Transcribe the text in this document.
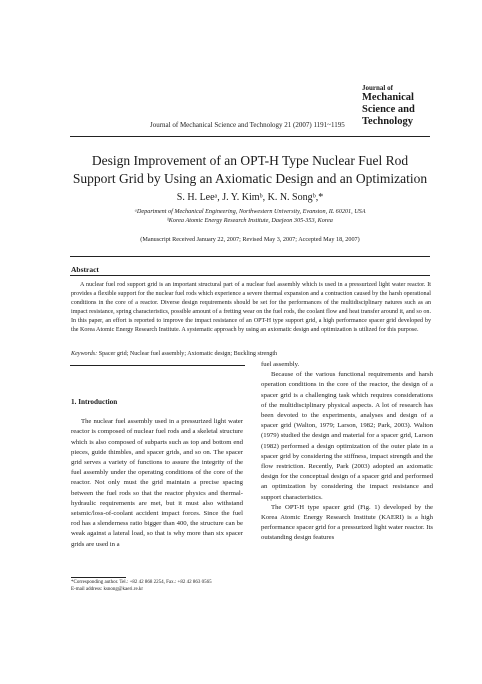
Journal of
Mechanical
Science and
Technology
Journal of Mechanical Science and Technology 21 (2007) 1191~1195
Design Improvement of an OPT-H Type Nuclear Fuel Rod
Support Grid by Using an Axiomatic Design and an Optimization
S. H. Leeᵃ, J. Y. Kimᵇ, K. N. Songᵇ,*
ᵃDepartment of Mechanical Engineering, Northwestern University, Evanston, IL 60201, USA
ᵇKorea Atomic Energy Research Institute, Daejeon 305-353, Korea
(Manuscript Received January 22, 2007; Revised May 3, 2007; Accepted May 18, 2007)
Abstract
A nuclear fuel rod support grid is an important structural part of a nuclear fuel assembly which is used in a pressurized light water reactor. It provides a flexible support for the nuclear fuel rods which experience a severe thermal expansion and a contraction caused by the harsh operational conditions in the core of a reactor. Diverse design requirements should be set for the performances of the multidisciplinary natures such as an impact resistance, spring characteristics, possible amount of a fretting wear on the fuel rods, the coolant flow and heat transfer around it, and so on. In this paper, an effort is reported to improve the impact resistance of an OPT-H type support grid, a high performance spacer grid developed by the Korea Atomic Energy Research Institute. A systematic approach by using an axiomatic design and optimization is utilized for this purpose.
Keywords: Spacer grid; Nuclear fuel assembly; Axiomatic design; Buckling strength

1. Introduction

The nuclear fuel assembly used in a pressurized light water reactor is composed of nuclear fuel rods and a skeletal structure which is also composed of subparts such as top and bottom end pieces, guide thimbles, and spacer grids, and so on. The spacer grid serves a variety of functions to assure the integrity of the fuel assembly under the operating conditions of the core of the reactor. Not only must the grid maintain a precise spacing between the fuel rods so that the reactor physics and thermal-hydraulic requirements are met, but it must also withstand seismic/loss-of-coolant accident impact forces. Since the fuel rod has a slenderness ratio bigger than 400, the structure can be weak against a lateral load, so that is why more than six spacer grids are used in a

fuel assembly.

Because of the various functional requirements and harsh operation conditions in the core of the reactor, the design of a spacer grid is a challenging task which requires considerations of the multidisciplinary physical aspects. A lot of research has been devoted to the experiments, analyses and design of a spacer grid (Walton, 1979; Larson, 1982; Park, 2003). Walton (1979) studied the design and material for a spacer grid, Larson (1982) performed a design optimization of the outer plate in a spacer grid by considering the stiffness, impact strength and the flow restriction. Recently, Park (2003) adopted an axiomatic design for the conceptual design of a spacer grid and performed an optimization by considering the impact resistance and support characteristics.

The OPT-H type spacer grid (Fig. 1) developed by the Korea Atomic Energy Research Institute (KAERI) is a high performance spacer grid for a pressurized light water reactor. Its outstanding design features

*Corresponding author. Tel.: +82 42 868 2254, Fax.: +82 42 863 0565
E-mail address: ksnong@kaeri.re.kr
